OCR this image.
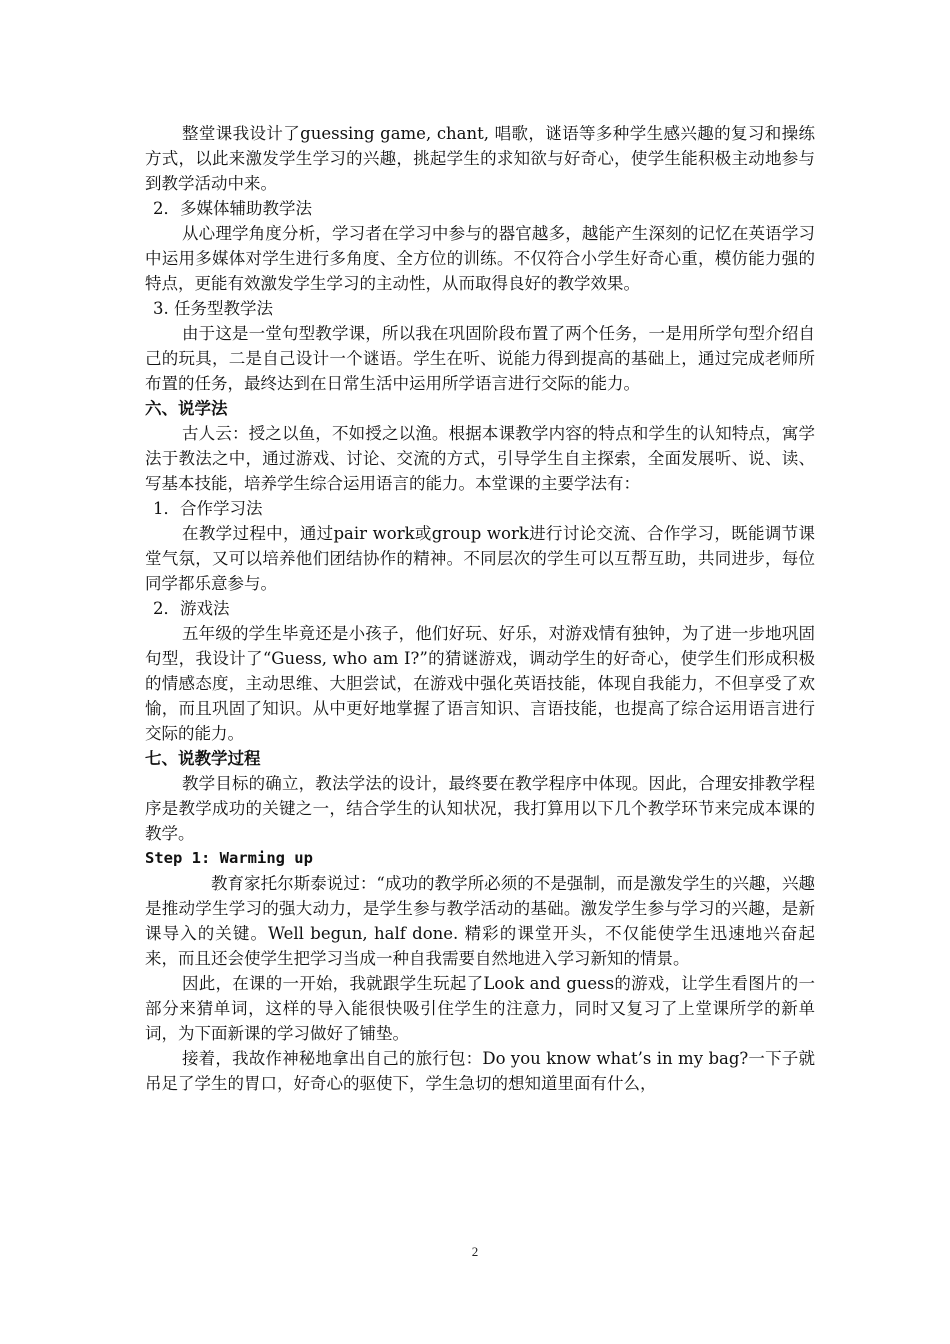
整堂课我设计了guessing game, chant, 唱歌，谜语等多种学生感兴趣的复习和操练方式，以此来激发学生学习的兴趣，挑起学生的求知欲与好奇心，使学生能积极主动地参与到教学活动中来。

2．多媒体辅助教学法

从心理学角度分析，学习者在学习中参与的器官越多，越能产生深刻的记忆在英语学习中运用多媒体对学生进行多角度、全方位的训练。不仅符合小学生好奇心重，模仿能力强的特点，更能有效激发学生学习的主动性，从而取得良好的教学效果。

3. 任务型教学法

由于这是一堂句型教学课，所以我在巩固阶段布置了两个任务，一是用所学句型介绍自己的玩具，二是自己设计一个谜语。学生在听、说能力得到提高的基础上，通过完成老师所布置的任务，最终达到在日常生活中运用所学语言进行交际的能力。

六、说学法

古人云：授之以鱼，不如授之以渔。根据本课教学内容的特点和学生的认知特点，寓学法于教法之中，通过游戏、讨论、交流的方式，引导学生自主探索，全面发展听、说、读、写基本技能，培养学生综合运用语言的能力。本堂课的主要学法有：

1．合作学习法

在教学过程中，通过pair work或group work进行讨论交流、合作学习，既能调节课堂气氛，又可以培养他们团结协作的精神。不同层次的学生可以互帮互助，共同进步，每位同学都乐意参与。

2．游戏法

五年级的学生毕竟还是小孩子，他们好玩、好乐，对游戏情有独钟，为了进一步地巩固句型，我设计了“Guess, who am I?”的猜谜游戏，调动学生的好奇心，使学生们形成积极的情感态度，主动思维、大胆尝试，在游戏中强化英语技能，体现自我能力，不但享受了欢愉，而且巩固了知识。从中更好地掌握了语言知识、言语技能，也提高了综合运用语言进行交际的能力。

七、说教学过程

教学目标的确立，教法学法的设计，最终要在教学程序中体现。因此，合理安排教学程序是教学成功的关键之一，结合学生的认知状况，我打算用以下几个教学环节来完成本课的教学。

Step 1: Warming up

教育家托尔斯泰说过：“成功的教学所必须的不是强制，而是激发学生的兴趣，兴趣是推动学生学习的强大动力，是学生参与教学活动的基础。激发学生参与学习的兴趣，是新课导入的关键。Well begun, half done. 精彩的课堂开头，不仅能使学生迅速地兴奋起来，而且还会使学生把学习当成一种自我需要自然地进入学习新知的情景。

因此，在课的一开始，我就跟学生玩起了Look and guess的游戏，让学生看图片的一部分来猜单词，这样的导入能很快吸引住学生的注意力，同时又复习了上堂课所学的新单词，为下面新课的学习做好了铺垫。

接着，我故作神秘地拿出自己的旅行包：Do you know what’s in my bag?一下子就吊足了学生的胃口，好奇心的驱使下，学生急切的想知道里面有什么，

2
